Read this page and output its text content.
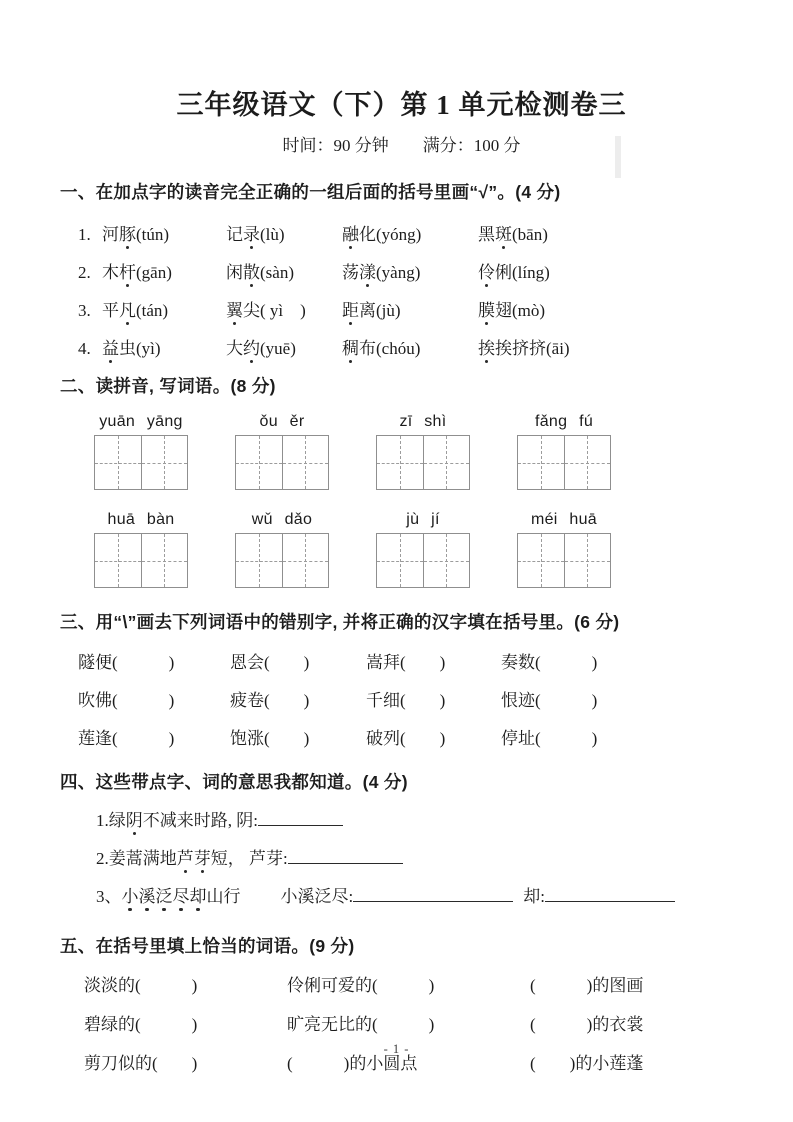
三年级语文（下）第 1 单元检测卷三
时间：90 分钟　　满分：100 分
一、在加点字的读音完全正确的一组后面的括号里画“√”。(4 分)
1. 河豚(tún)	记录(lù)	融化(yóng)	黑斑(bān)
2. 木杆(gān)	闲散(sàn)	荡漾(yàng)	伶俐(líng)
3. 平凡(tán)	翼尖( yì　)	距离(jù)	膜翅(mò)
4. 益虫(yì)	大约(yuē)	稠布(chóu)	挨挨挤挤(āi)
二、读拼音, 写词语。(8 分)
yuān yāng	ǒu ěr	zī shì	fǎng fú
huā bàn	wǔ dǎo	jù jí	méi huā
三、用“\”画去下列词语中的错别字, 并将正确的汉字填在括号里。(6 分)
隧便(　　　)	恩会(　　)	嵩拜(　　)	奏数(　　　)
吹佛(　　　)	疲卷(　　)	千细(　　)	恨迹(　　　)
莲逢(　　　)	饱涨(　　)	破列(　　)	停址(　　　)
四、这些带点字、词的意思我都知道。(4 分)
1.绿阴不减来时路, 阴:
2.姜蒿满地芦芽短， 芦芽:
3、小溪泛尽却山行 小溪泛尽:	却:
五、在括号里填上恰当的词语。(9 分)
淡淡的(　　　)	伶俐可爱的(　　　)	(　　　)的图画
碧绿的(　　　)	旷亮无比的(　　　)	(　　　)的衣裳
剪刀似的(　　)	(　　　)的小圆点	(　　)的小莲蓬
- 1 -
